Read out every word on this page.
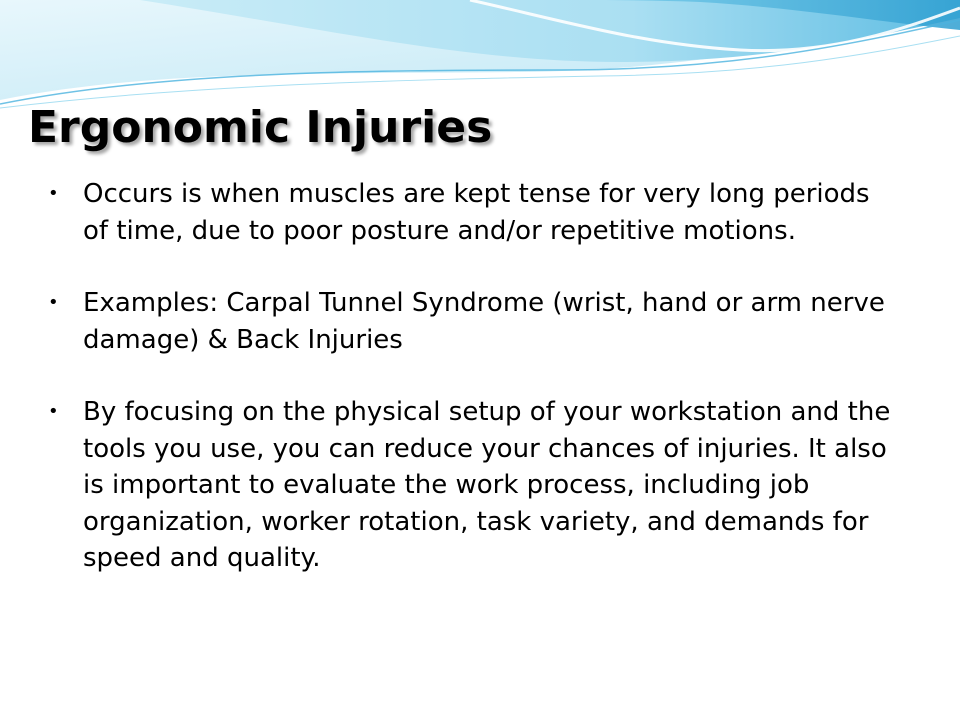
Ergonomic Injuries
• Occurs is when muscles are kept tense for very long periods of time, due to poor posture and/or repetitive motions.
• Examples: Carpal Tunnel Syndrome (wrist, hand or arm nerve damage) & Back Injuries
• By focusing on the physical setup of your workstation and the tools you use, you can reduce your chances of injuries. It also is important to evaluate the work process, including job organization, worker rotation, task variety, and demands for speed and quality.
